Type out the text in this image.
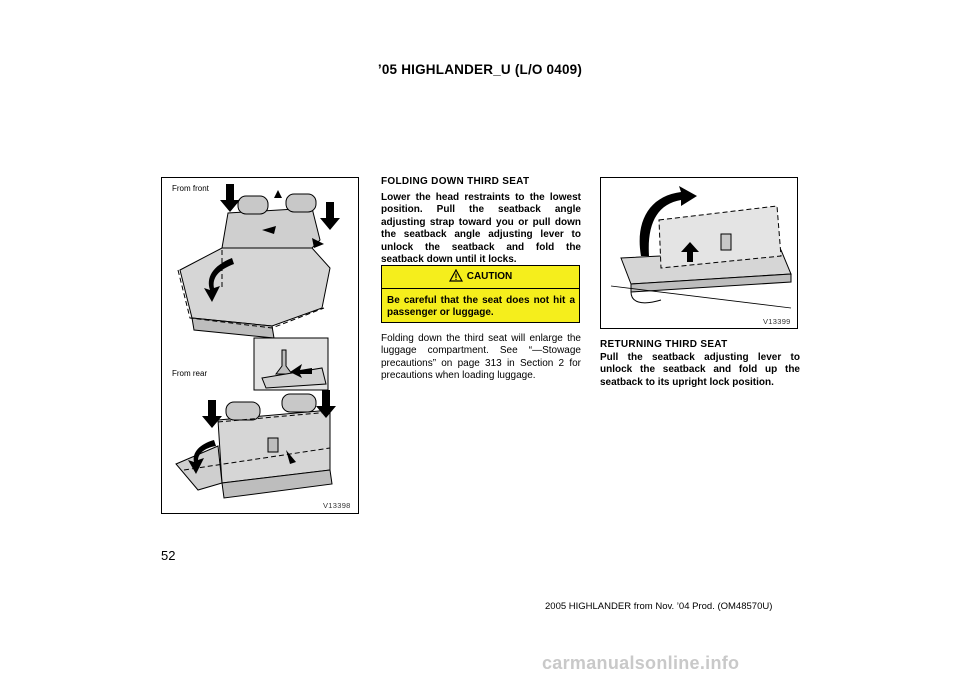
’05 HIGHLANDER_U (L/O 0409)
From front
From rear
V13398
52
FOLDING DOWN THIRD SEAT
Lower the head restraints to the lowest position. Pull the seatback angle adjusting strap toward you or pull down the seatback angle adjusting lever to unlock the seatback and fold the seatback down until it locks.
CAUTION
Be careful that the seat does not hit a passenger or luggage.
Folding down the third seat will enlarge the luggage compartment. See “—Stowage precautions” on page 313 in Section 2 for precautions when loading luggage.
V13399
RETURNING THIRD SEAT
Pull the seatback adjusting lever to unlock the seatback and fold up the seatback to its upright lock position.
2005 HIGHLANDER from Nov. ’04 Prod. (OM48570U)
carmanualsonline.info
